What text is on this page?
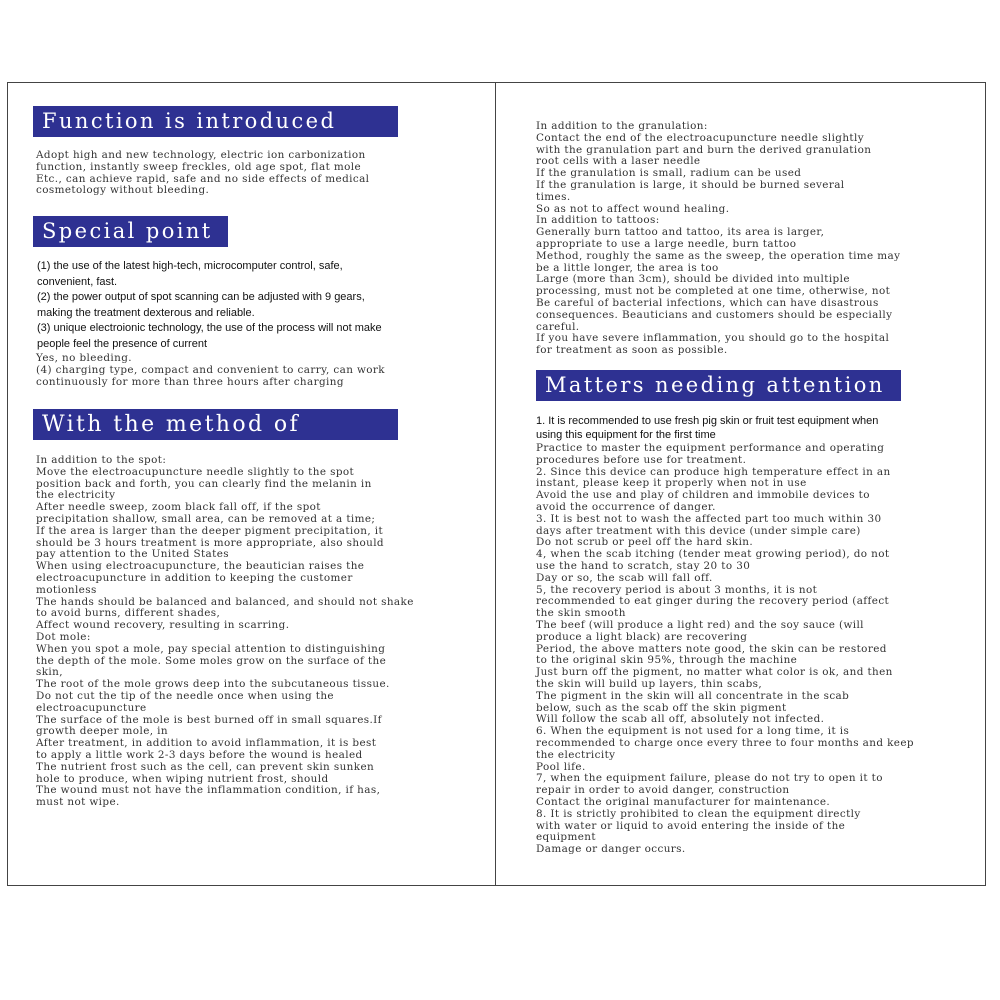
Function is introduced
Adopt high and new technology, electric ion carbonization
function, instantly sweep freckles, old age spot, flat mole
Etc., can achieve rapid, safe and no side effects of medical
cosmetology without bleeding.
Special point
(1) the use of the latest high-tech, microcomputer control, safe,
convenient, fast.
(2) the power output of spot scanning can be adjusted with 9 gears,
making the treatment dexterous and reliable.
(3) unique electroionic technology, the use of the process will not make
people feel the presence of current
Yes, no bleeding.
(4) charging type, compact and convenient to carry, can work
continuously for more than three hours after charging
With the method of
In addition to the spot:
Move the electroacupuncture needle slightly to the spot
position back and forth, you can clearly find the melanin in
the electricity
After needle sweep, zoom black fall off, if the spot
precipitation shallow, small area, can be removed at a time;
If the area is larger than the deeper pigment precipitation, it
should be 3 hours treatment is more appropriate, also should
pay attention to the United States
When using electroacupuncture, the beautician raises the
electroacupuncture in addition to keeping the customer
motionless
The hands should be balanced and balanced, and should not shake
to avoid burns, different shades,
Affect wound recovery, resulting in scarring.
Dot mole:
When you spot a mole, pay special attention to distinguishing
the depth of the mole. Some moles grow on the surface of the
skin,
The root of the mole grows deep into the subcutaneous tissue.
Do not cut the tip of the needle once when using the
electroacupuncture
The surface of the mole is best burned off in small squares.If
growth deeper mole, in
After treatment, in addition to avoid inflammation, it is best
to apply a little work 2-3 days before the wound is healed
The nutrient frost such as the cell, can prevent skin sunken
hole to produce, when wiping nutrient frost, should
The wound must not have the inflammation condition, if has,
must not wipe.
In addition to the granulation:
Contact the end of the electroacupuncture needle slightly
with the granulation part and burn the derived granulation
root cells with a laser needle
If the granulation is small, radium can be used
If the granulation is large, it should be burned several
times.
So as not to affect wound healing.
In addition to tattoos:
Generally burn tattoo and tattoo, its area is larger,
appropriate to use a large needle, burn tattoo
Method, roughly the same as the sweep, the operation time may
be a little longer, the area is too
Large (more than 3cm), should be divided into multiple
processing, must not be completed at one time, otherwise, not
Be careful of bacterial infections, which can have disastrous
consequences. Beauticians and customers should be especially
careful.
If you have severe inflammation, you should go to the hospital
for treatment as soon as possible.
Matters needing attention
1. It is recommended to use fresh pig skin or fruit test equipment when
using this equipment for the first time
Practice to master the equipment performance and operating
procedures before use for treatment.
2. Since this device can produce high temperature effect in an
instant, please keep it properly when not in use
Avoid the use and play of children and immobile devices to
avoid the occurrence of danger.
3. It is best not to wash the affected part too much within 30
days after treatment with this device (under simple care)
Do not scrub or peel off the hard skin.
4, when the scab itching (tender meat growing period), do not
use the hand to scratch, stay 20 to 30
Day or so, the scab will fall off.
5, the recovery period is about 3 months, it is not
recommended to eat ginger during the recovery period (affect
the skin smooth
The beef (will produce a light red) and the soy sauce (will
produce a light black) are recovering
Period, the above matters note good, the skin can be restored
to the original skin 95%, through the machine
Just burn off the pigment, no matter what color is ok, and then
the skin will build up layers, thin scabs,
The pigment in the skin will all concentrate in the scab
below, such as the scab off the skin pigment
Will follow the scab all off, absolutely not infected.
6. When the equipment is not used for a long time, it is
recommended to charge once every three to four months and keep
the electricity
Pool life.
7, when the equipment failure, please do not try to open it to
repair in order to avoid danger, construction
Contact the original manufacturer for maintenance.
8. It is strictly prohibited to clean the equipment directly
with water or liquid to avoid entering the inside of the
equipment
Damage or danger occurs.
